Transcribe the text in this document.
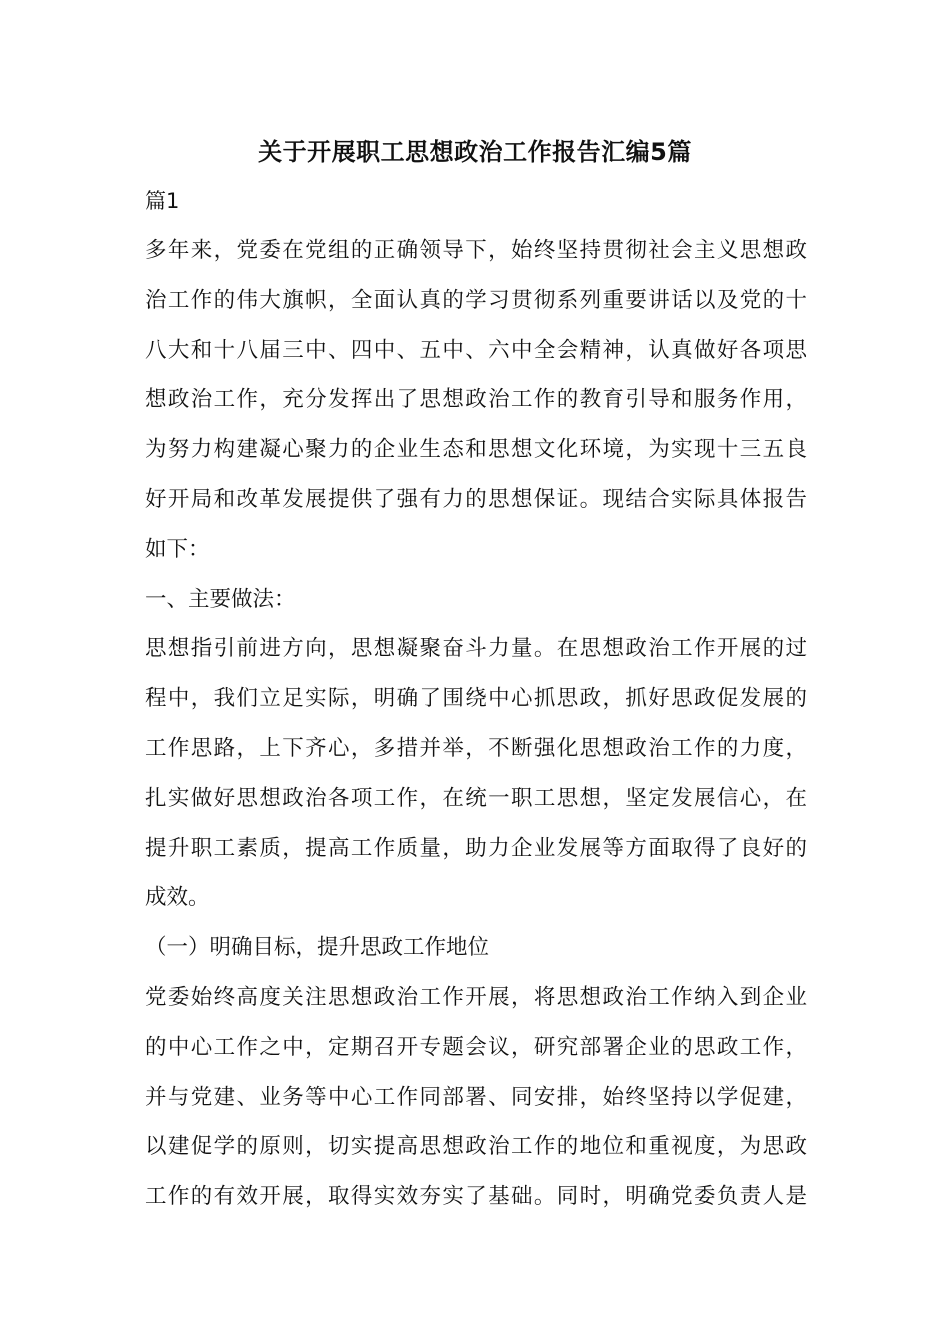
关于开展职工思想政治工作报告汇编5篇
篇1
多年来，党委在党组的正确领导下，始终坚持贯彻社会主义思想政
治工作的伟大旗帜，全面认真的学习贯彻系列重要讲话以及党的十
八大和十八届三中、四中、五中、六中全会精神，认真做好各项思
想政治工作，充分发挥出了思想政治工作的教育引导和服务作用，
为努力构建凝心聚力的企业生态和思想文化环境，为实现十三五良
好开局和改革发展提供了强有力的思想保证。现结合实际具体报告
如下：
一、主要做法：
思想指引前进方向，思想凝聚奋斗力量。在思想政治工作开展的过
程中，我们立足实际，明确了围绕中心抓思政，抓好思政促发展的
工作思路，上下齐心，多措并举，不断强化思想政治工作的力度，
扎实做好思想政治各项工作，在统一职工思想，坚定发展信心，在
提升职工素质，提高工作质量，助力企业发展等方面取得了良好的
成效。
（一）明确目标，提升思政工作地位
党委始终高度关注思想政治工作开展，将思想政治工作纳入到企业
的中心工作之中，定期召开专题会议，研究部署企业的思政工作，
并与党建、业务等中心工作同部署、同安排，始终坚持以学促建，
以建促学的原则，切实提高思想政治工作的地位和重视度，为思政
工作的有效开展，取得实效夯实了基础。同时，明确党委负责人是
